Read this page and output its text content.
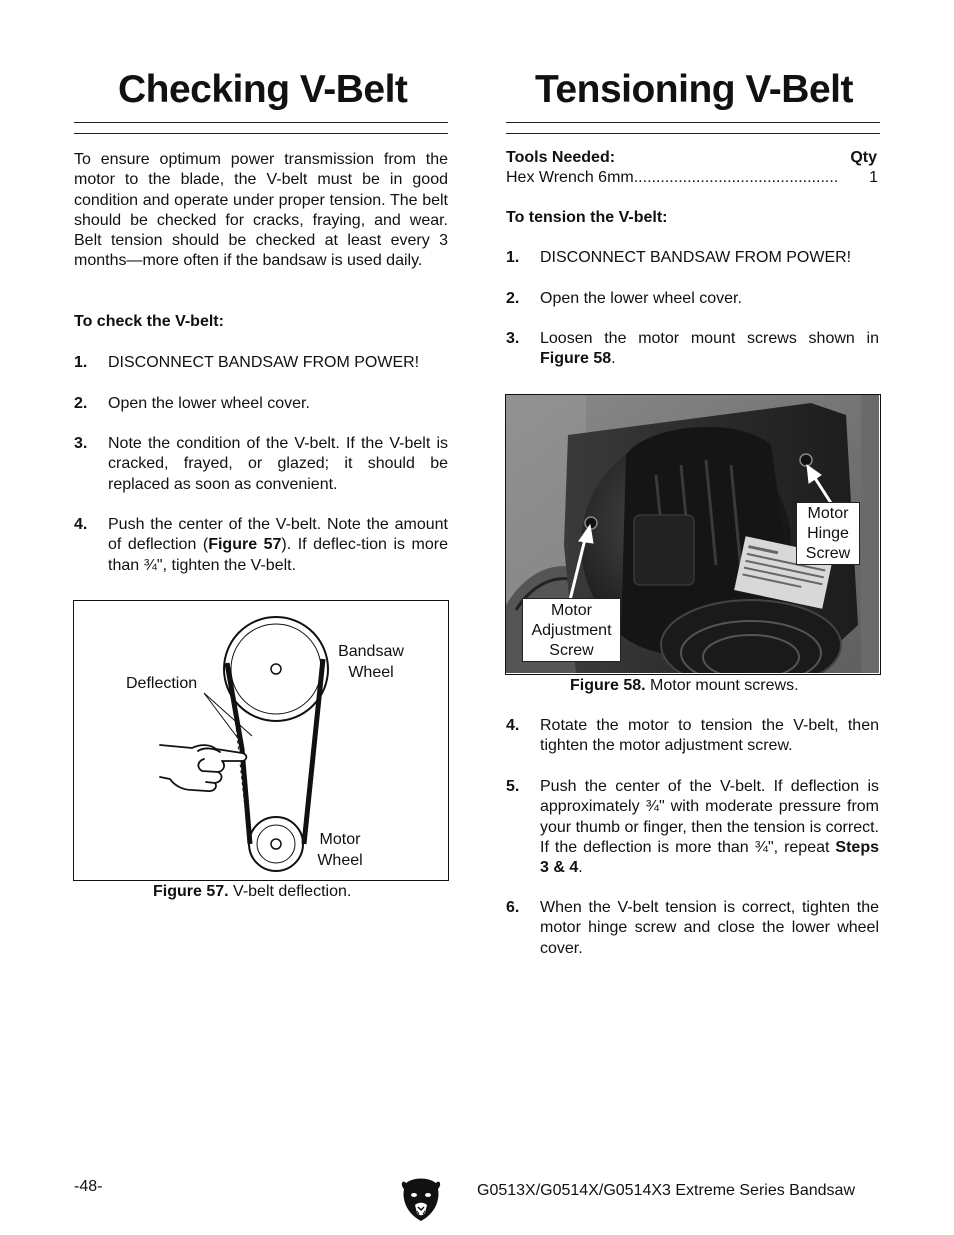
Checking V-Belt
To ensure optimum power transmission from the motor to the blade, the V-belt must be in good condition and operate under proper tension. The belt should be checked for cracks, fraying, and wear. Belt tension should be checked at least every 3 months—more often if the bandsaw is used daily.
To check the V-belt:
1. DISCONNECT BANDSAW FROM POWER!
2. Open the lower wheel cover.
3. Note the condition of the V-belt. If the V-belt is cracked, frayed, or glazed; it should be replaced as soon as convenient.
4. Push the center of the V-belt. Note the amount of deflection (Figure 57). If deflec-tion is more than ¾", tighten the V-belt.
Deflection
Bandsaw
Wheel
Motor
Wheel
Figure 57. V-belt deflection.
Tensioning V-Belt
Tools Needed:	Qty
Hex Wrench 6mm..............................................	1
To tension the V-belt:
1. DISCONNECT BANDSAW FROM POWER!
2. Open the lower wheel cover.
3. Loosen the motor mount screws shown in Figure 58.
Motor
Hinge
Screw
Motor
Adjustment
Screw
Figure 58. Motor mount screws.
4. Rotate the motor to tension the V-belt, then tighten the motor adjustment screw.
5. Push the center of the V-belt. If deflection is approximately ¾" with moderate pressure from your thumb or finger, then the tension is correct. If the deflection is more than ¾", repeat Steps 3 & 4.
6. When the V-belt tension is correct, tighten the motor hinge screw and close the lower wheel cover.
-48-	G0513X/G0514X/G0514X3 Extreme Series Bandsaw
